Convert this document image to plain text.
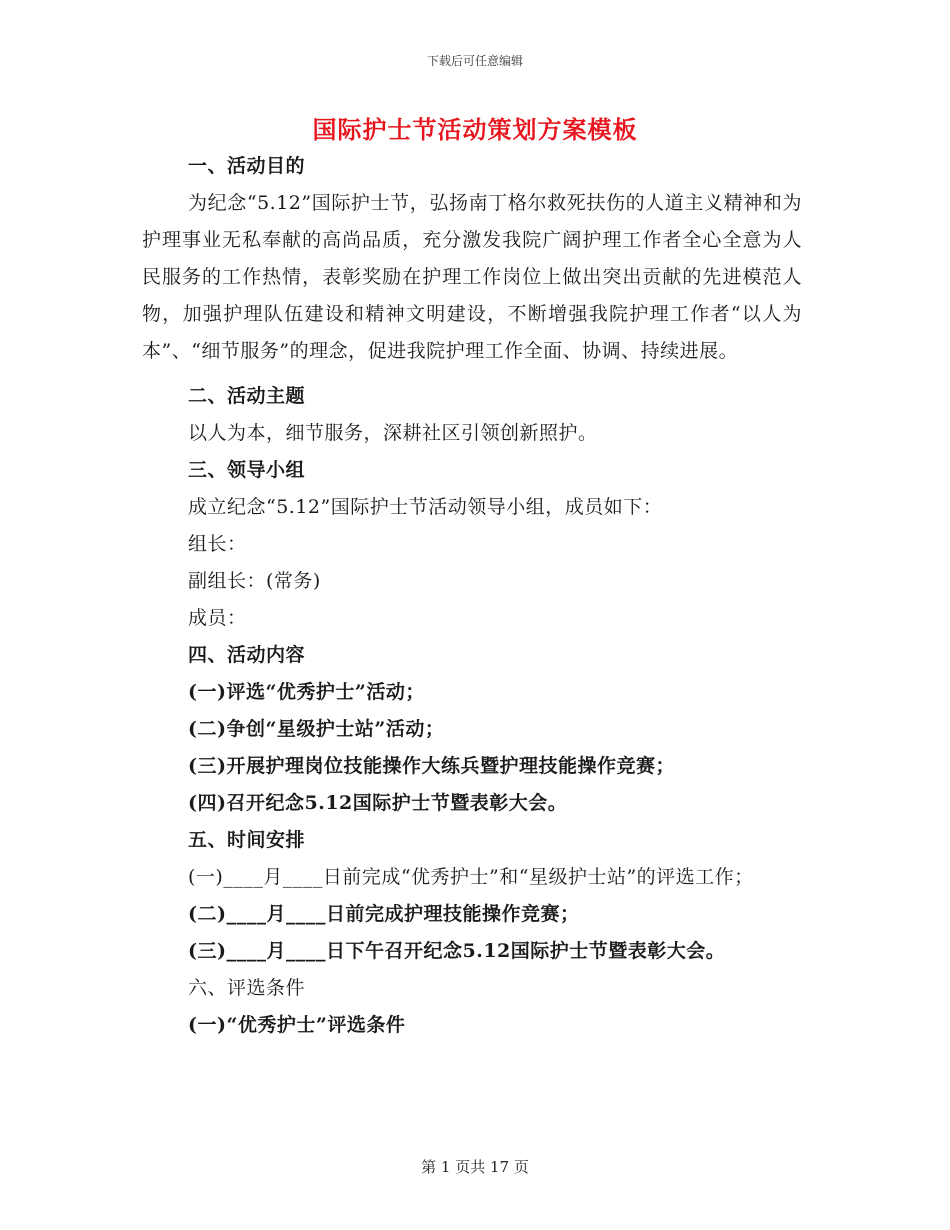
下载后可任意编辑
国际护士节活动策划方案模板
一、活动目的
为纪念“5.12”国际护士节，弘扬南丁格尔救死扶伤的人道主义精神和为护理事业无私奉献的高尚品质，充分激发我院广阔护理工作者全心全意为人民服务的工作热情，表彰奖励在护理工作岗位上做出突出贡献的先进模范人物，加强护理队伍建设和精神文明建设，不断增强我院护理工作者“以人为本”、“细节服务”的理念，促进我院护理工作全面、协调、持续进展。
二、活动主题
以人为本，细节服务，深耕社区引领创新照护。
三、领导小组
成立纪念“5.12”国际护士节活动领导小组，成员如下：
组长：
副组长：(常务)
成员：
四、活动内容
(一)评选“优秀护士”活动；
(二)争创“星级护士站”活动；
(三)开展护理岗位技能操作大练兵暨护理技能操作竞赛；
(四)召开纪念5.12国际护士节暨表彰大会。
五、时间安排
(一)____月____日前完成“优秀护士”和“星级护士站”的评选工作；
(二)____月____日前完成护理技能操作竞赛；
(三)____月____日下午召开纪念5.12国际护士节暨表彰大会。
六、评选条件
(一)“优秀护士”评选条件
第 1 页共 17 页
